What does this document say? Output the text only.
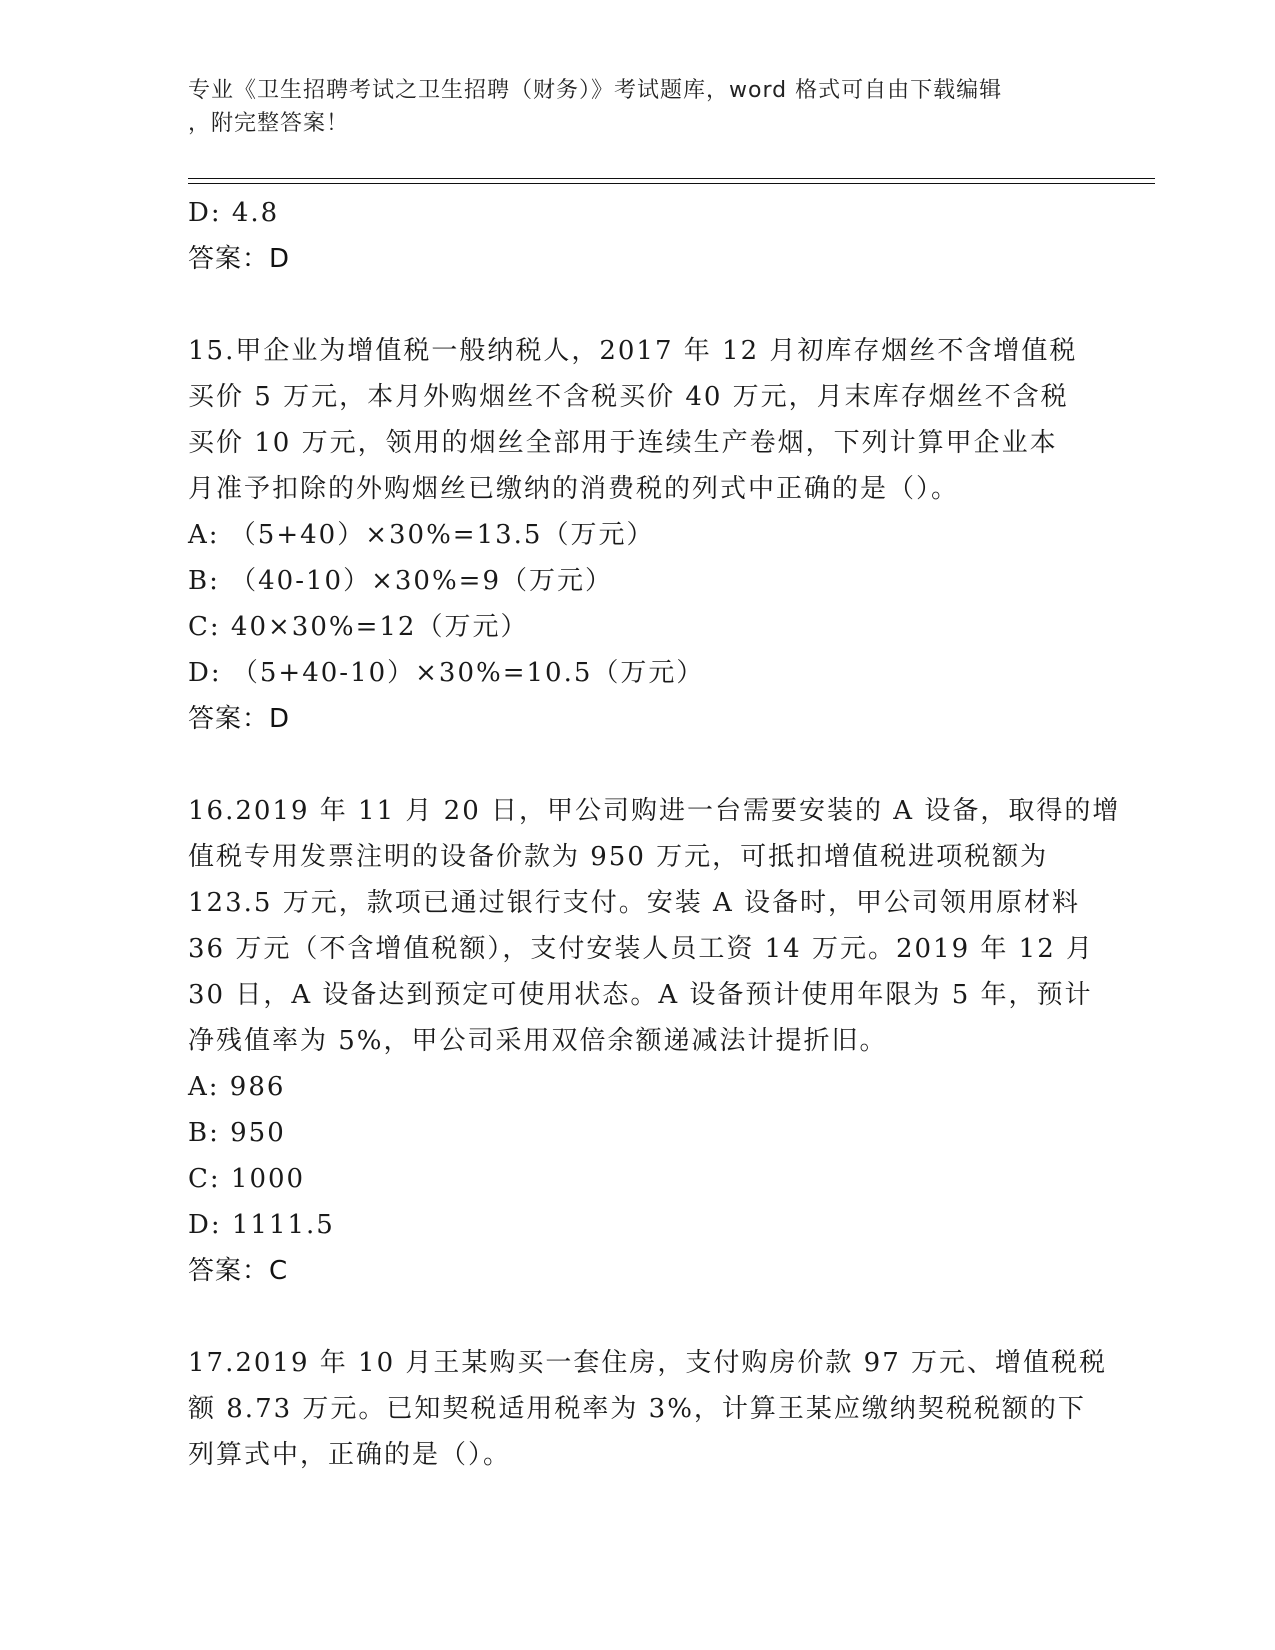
专业《卫生招聘考试之卫生招聘（财务）》考试题库，word 格式可自由下载编辑
，附完整答案！
D: 4.8
答案：D
15.甲企业为增值税一般纳税人，2017 年 12 月初库存烟丝不含增值税
买价 5 万元，本月外购烟丝不含税买价 40 万元，月末库存烟丝不含税
买价 10 万元，领用的烟丝全部用于连续生产卷烟，下列计算甲企业本
月准予扣除的外购烟丝已缴纳的消费税的列式中正确的是（）。
A: （5+40）×30%=13.5（万元）
B: （40-10）×30%=9（万元）
C: 40×30%=12（万元）
D: （5+40-10）×30%=10.5（万元）
答案：D
16.2019 年 11 月 20 日，甲公司购进一台需要安装的 A 设备，取得的增
值税专用发票注明的设备价款为 950 万元，可抵扣增值税进项税额为
123.5 万元，款项已通过银行支付。安装 A 设备时，甲公司领用原材料
36 万元（不含增值税额），支付安装人员工资 14 万元。2019 年 12 月
30 日，A 设备达到预定可使用状态。A 设备预计使用年限为 5 年，预计
净残值率为 5%，甲公司采用双倍余额递减法计提折旧。
A: 986
B: 950
C: 1000
D: 1111.5
答案：C
17.2019 年 10 月王某购买一套住房，支付购房价款 97 万元、增值税税
额 8.73 万元。已知契税适用税率为 3%，计算王某应缴纳契税税额的下
列算式中，正确的是（）。
